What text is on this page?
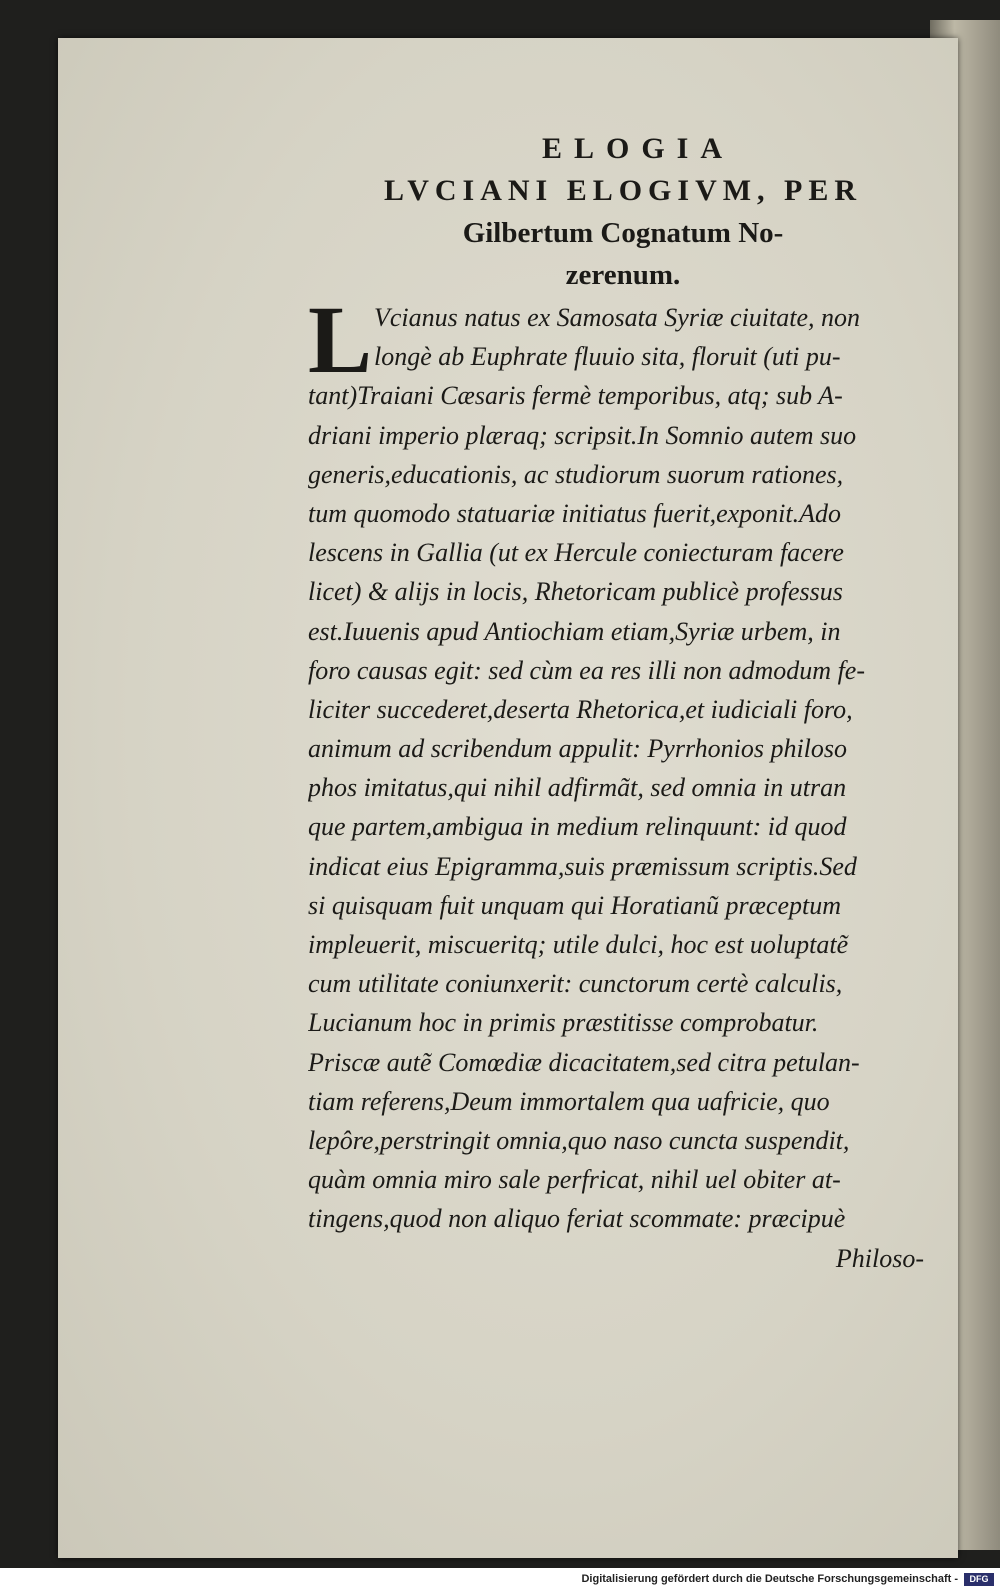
ELOGIA
LVCIANI ELOGIVM, PER
Gilbertum Cognatum No-
zerenum.
L Vcianus natus ex Samosata Syriæ ciuitate, non
longè ab Euphrate fluuio sita, floruit (uti pu-
tant)Traiani Cæsaris fermè temporibus, atq; sub A-
driani imperio plæraq; scripsit.In Somnio autem suo
generis,educationis, ac studiorum suorum rationes,
tum quomodo statuariæ initiatus fuerit,exponit.Ado
lescens in Gallia (ut ex Hercule coniecturam facere
licet) & alijs in locis, Rhetoricam publicè professus
est.Iuuenis apud Antiochiam etiam,Syriæ urbem, in
foro causas egit: sed cùm ea res illi non admodum fe-
liciter succederet,deserta Rhetorica,et iudiciali foro,
animum ad scribendum appulit: Pyrrhonios philoso
phos imitatus,qui nihil adfirmãt, sed omnia in utran
que partem,ambigua in medium relinquunt: id quod
indicat eius Epigramma,suis præmissum scriptis.Sed
si quisquam fuit unquam qui Horatianũ præceptum
impleuerit, miscueritq; utile dulci, hoc est uoluptatẽ
cum utilitate coniunxerit: cunctorum certè calculis,
Lucianum hoc in primis præstitisse comprobatur.
Priscæ autẽ Comœdiæ dicacitatem,sed citra petulan-
tiam referens,Deum immortalem qua uafricie, quo
lepôre,perstringit omnia,quo naso cuncta suspendit,
quàm omnia miro sale perfricat, nihil uel obiter at-
tingens,quod non aliquo feriat scommate: præcipuè
Philoso-
Digitalisierung gefördert durch die Deutsche Forschungsgemeinschaft - DFG
